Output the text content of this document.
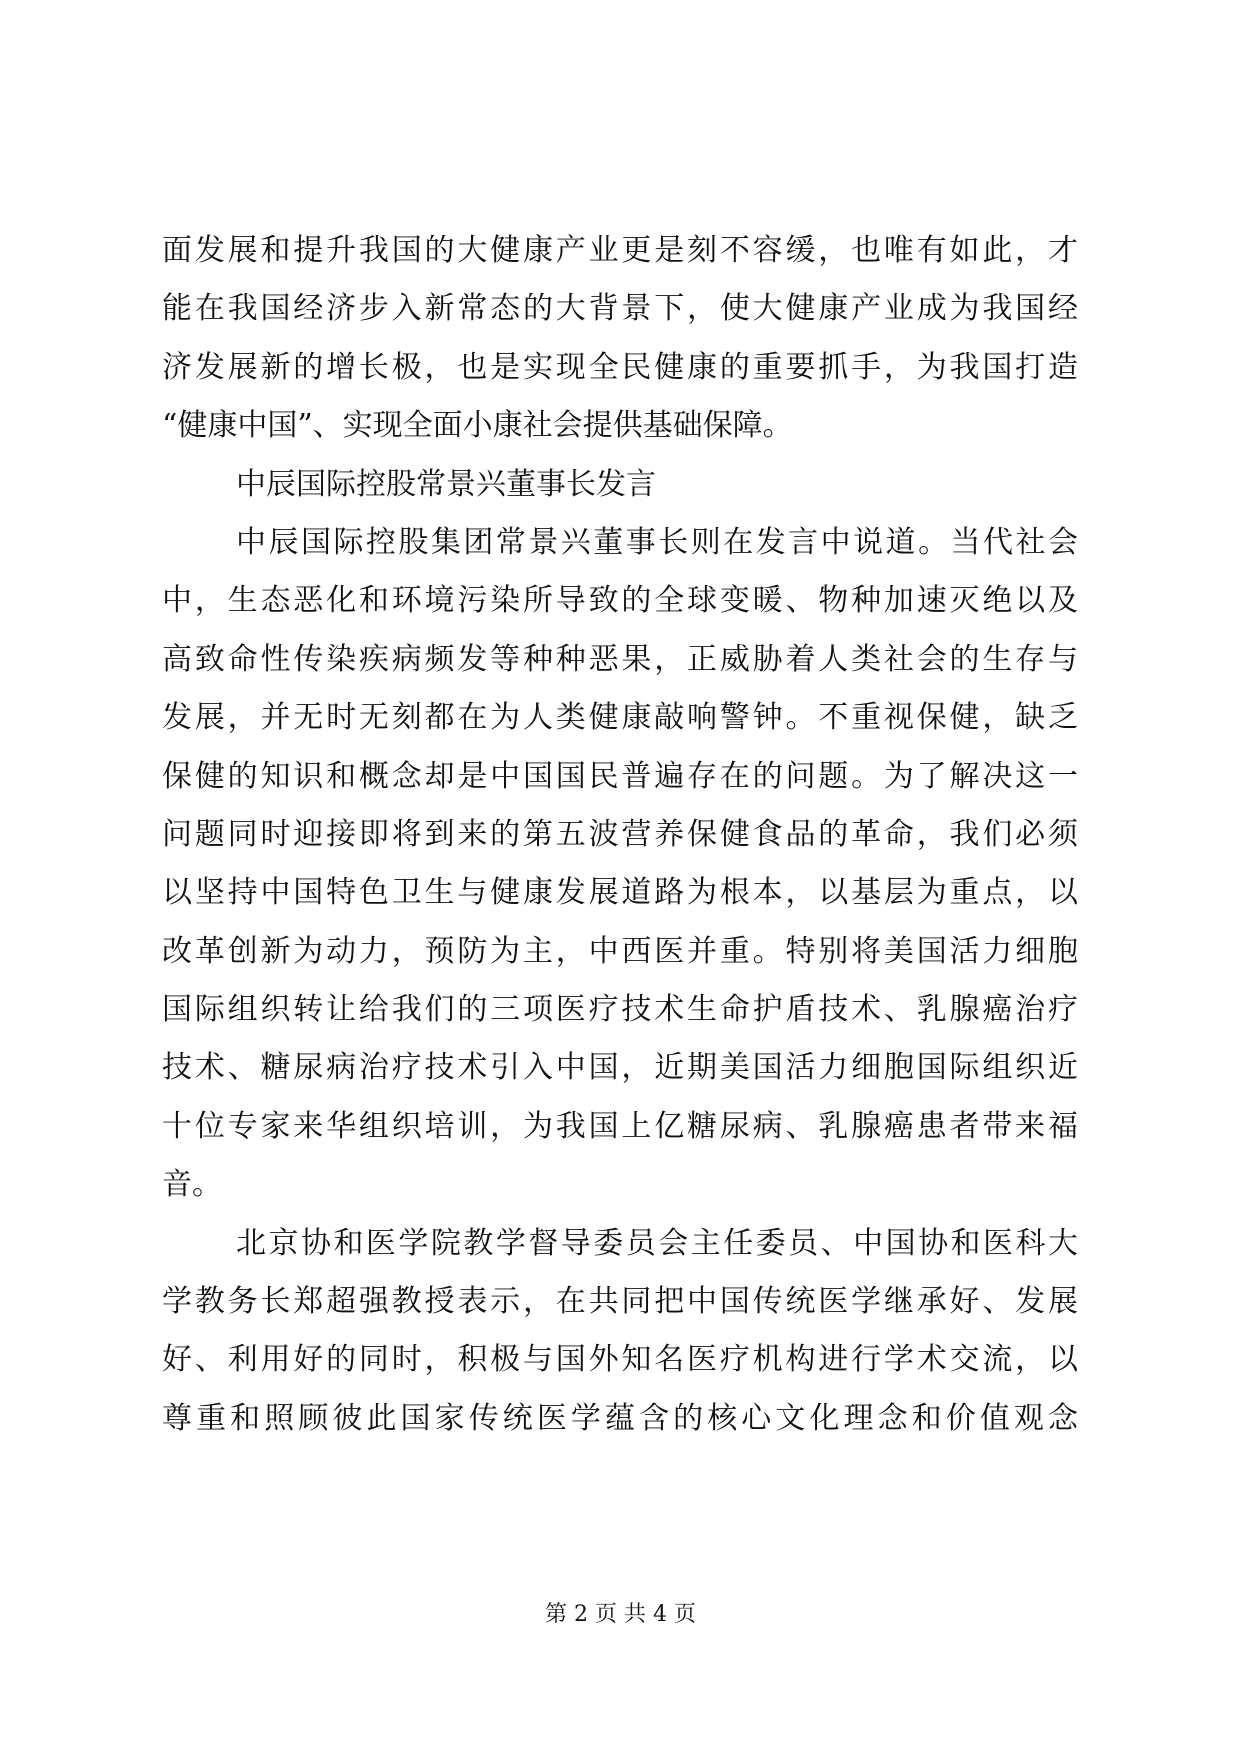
面发展和提升我国的大健康产业更是刻不容缓，也唯有如此，才
能在我国经济步入新常态的大背景下，使大健康产业成为我国经
济发展新的增长极，也是实现全民健康的重要抓手，为我国打造
“健康中国”、实现全面小康社会提供基础保障。
中辰国际控股常景兴董事长发言
中辰国际控股集团常景兴董事长则在发言中说道。当代社会
中，生态恶化和环境污染所导致的全球变暖、物种加速灭绝以及
高致命性传染疾病频发等种种恶果，正威胁着人类社会的生存与
发展，并无时无刻都在为人类健康敲响警钟。不重视保健，缺乏
保健的知识和概念却是中国国民普遍存在的问题。为了解决这一
问题同时迎接即将到来的第五波营养保健食品的革命，我们必须
以坚持中国特色卫生与健康发展道路为根本，以基层为重点，以
改革创新为动力，预防为主，中西医并重。特别将美国活力细胞
国际组织转让给我们的三项医疗技术生命护盾技术、乳腺癌治疗
技术、糖尿病治疗技术引入中国，近期美国活力细胞国际组织近
十位专家来华组织培训，为我国上亿糖尿病、乳腺癌患者带来福
音。
北京协和医学院教学督导委员会主任委员、中国协和医科大
学教务长郑超强教授表示，在共同把中国传统医学继承好、发展
好、利用好的同时，积极与国外知名医疗机构进行学术交流，以
尊重和照顾彼此国家传统医学蕴含的核心文化理念和价值观念
第 2 页 共 4 页
